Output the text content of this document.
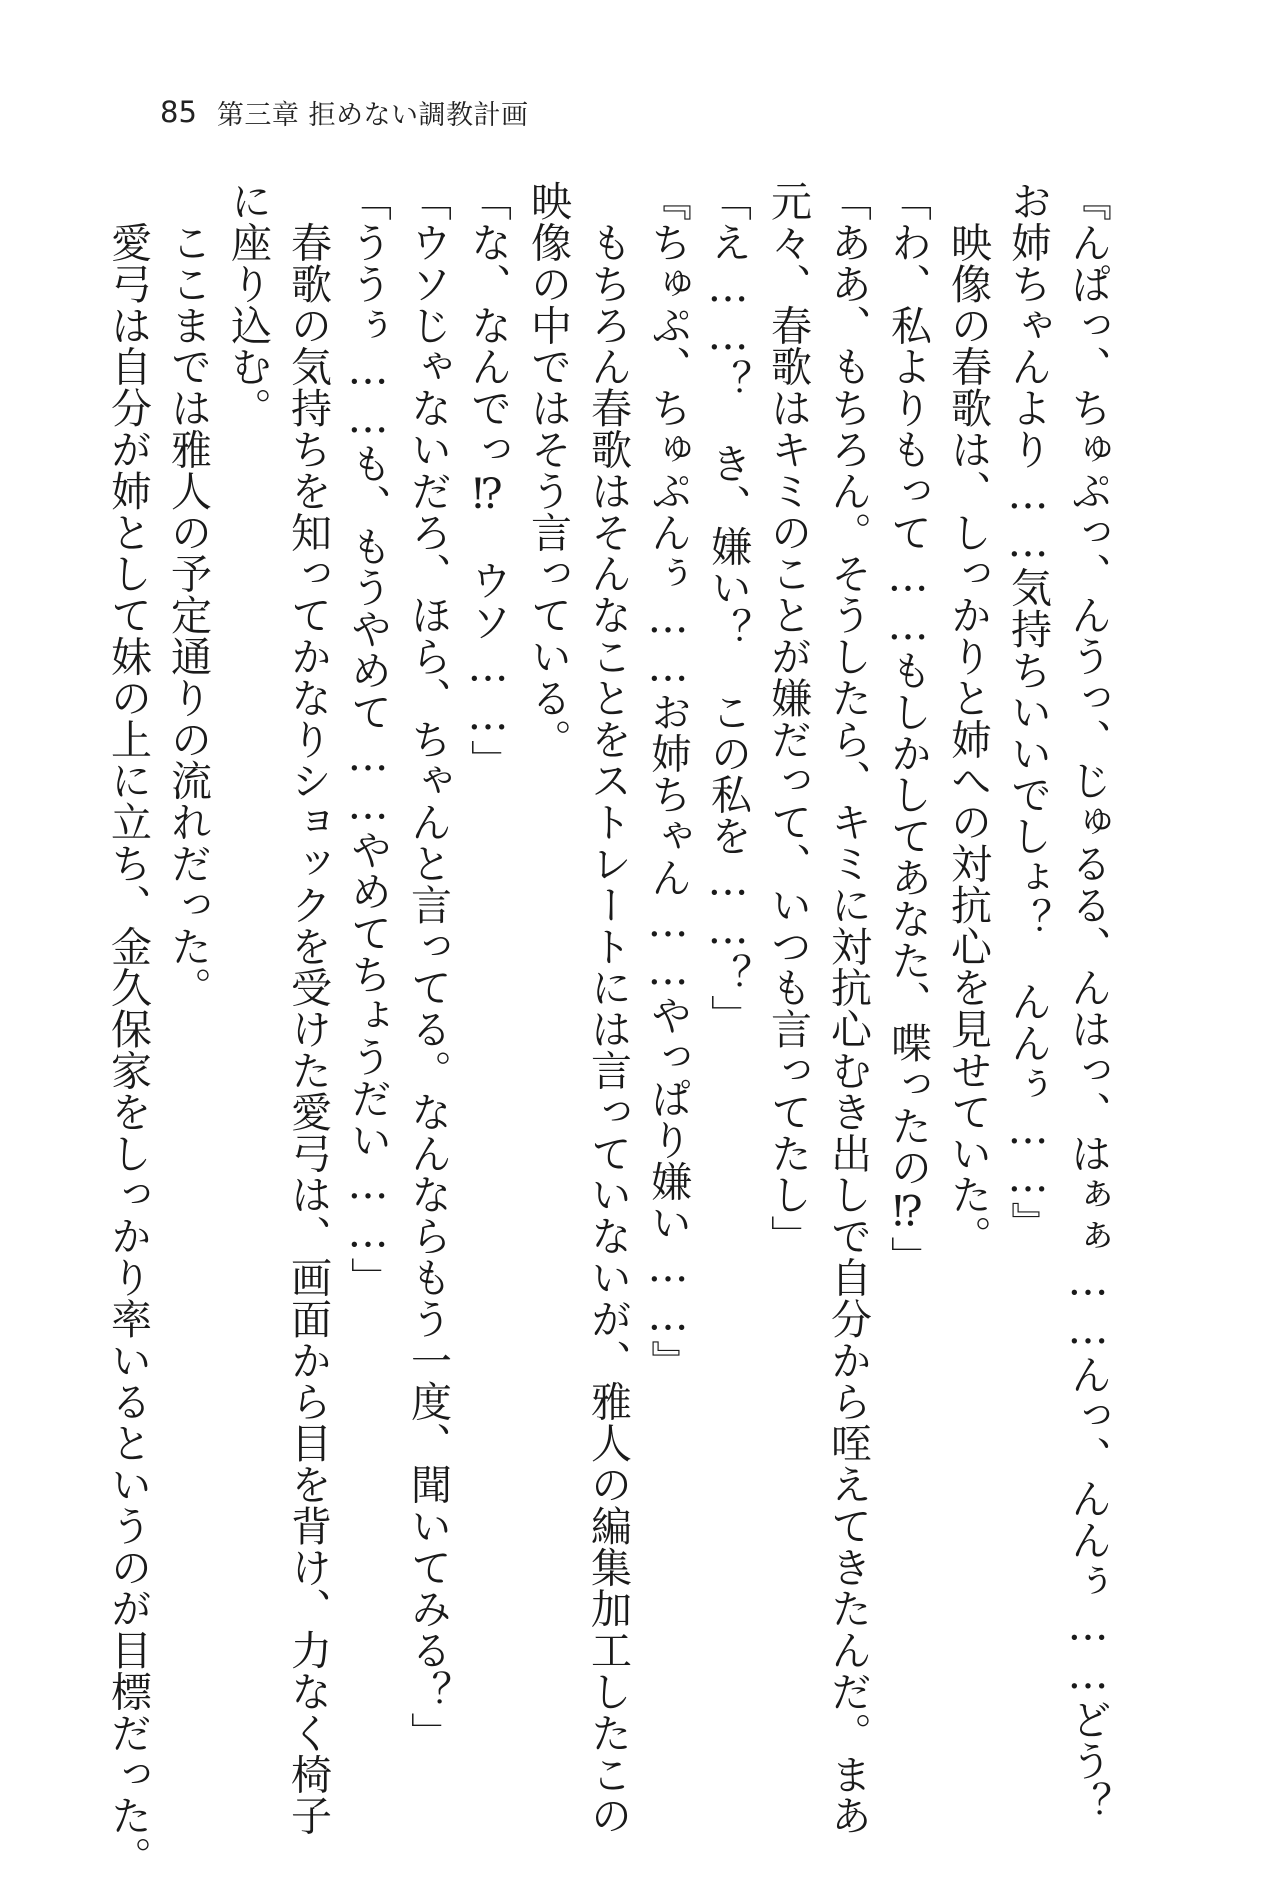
85 第三章 拒めない調教計画
『んぱっ、ちゅぷっ、んうっ、じゅるる、んはっ、はぁぁ……んっ、んんぅ……どう？
お姉ちゃんより……気持ちいいでしょ？　んんぅ……』
　映像の春歌は、しっかりと姉への対抗心を見せていた。
「わ、私よりもって……もしかしてあなた、喋ったの⁉」
「ああ、もちろん。そうしたら、キミに対抗心むき出しで自分から咥えてきたんだ。まあ
元々、春歌はキミのことが嫌だって、いつも言ってたし」
「え……？　き、嫌い？　この私を……？」
『ちゅぷ、ちゅぷんぅ……お姉ちゃん……やっぱり嫌い……』
　もちろん春歌はそんなことをストレートには言っていないが、雅人の編集加工したこの
映像の中ではそう言っている。
「な、なんでっ⁉　ウソ……」
「ウソじゃないだろ、ほら、ちゃんと言ってる。なんならもう一度、聞いてみる？」
「ううぅ……も、もうやめて……やめてちょうだい……」
　春歌の気持ちを知ってかなりショックを受けた愛弓は、画面から目を背け、力なく椅子
に座り込む。
　ここまでは雅人の予定通りの流れだった。
　愛弓は自分が姉として妹の上に立ち、金久保家をしっかり率いるというのが目標だった。
